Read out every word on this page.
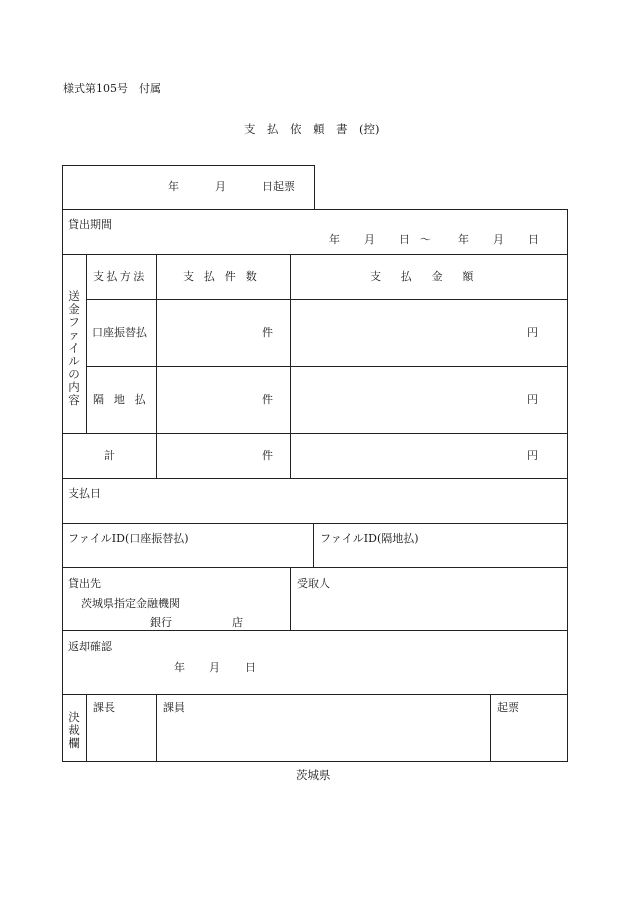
様式第105号　付属
支　払　依　頼　書　(控)
年	月	日起票
貸出期間
年 月 日 〜 年 月 日
送金ファイルの内容
支払方法	支払件数	支払金額
口座振替払	件	円
隔地払	件	円
計	件	円
支払日
ファイルID(口座振替払)	ファイルID(隔地払)
貸出先
茨城県指定金融機関
銀行	店
受取人
返却確認
年 月 日
決裁欄
課長	課員	起票
茨城県
